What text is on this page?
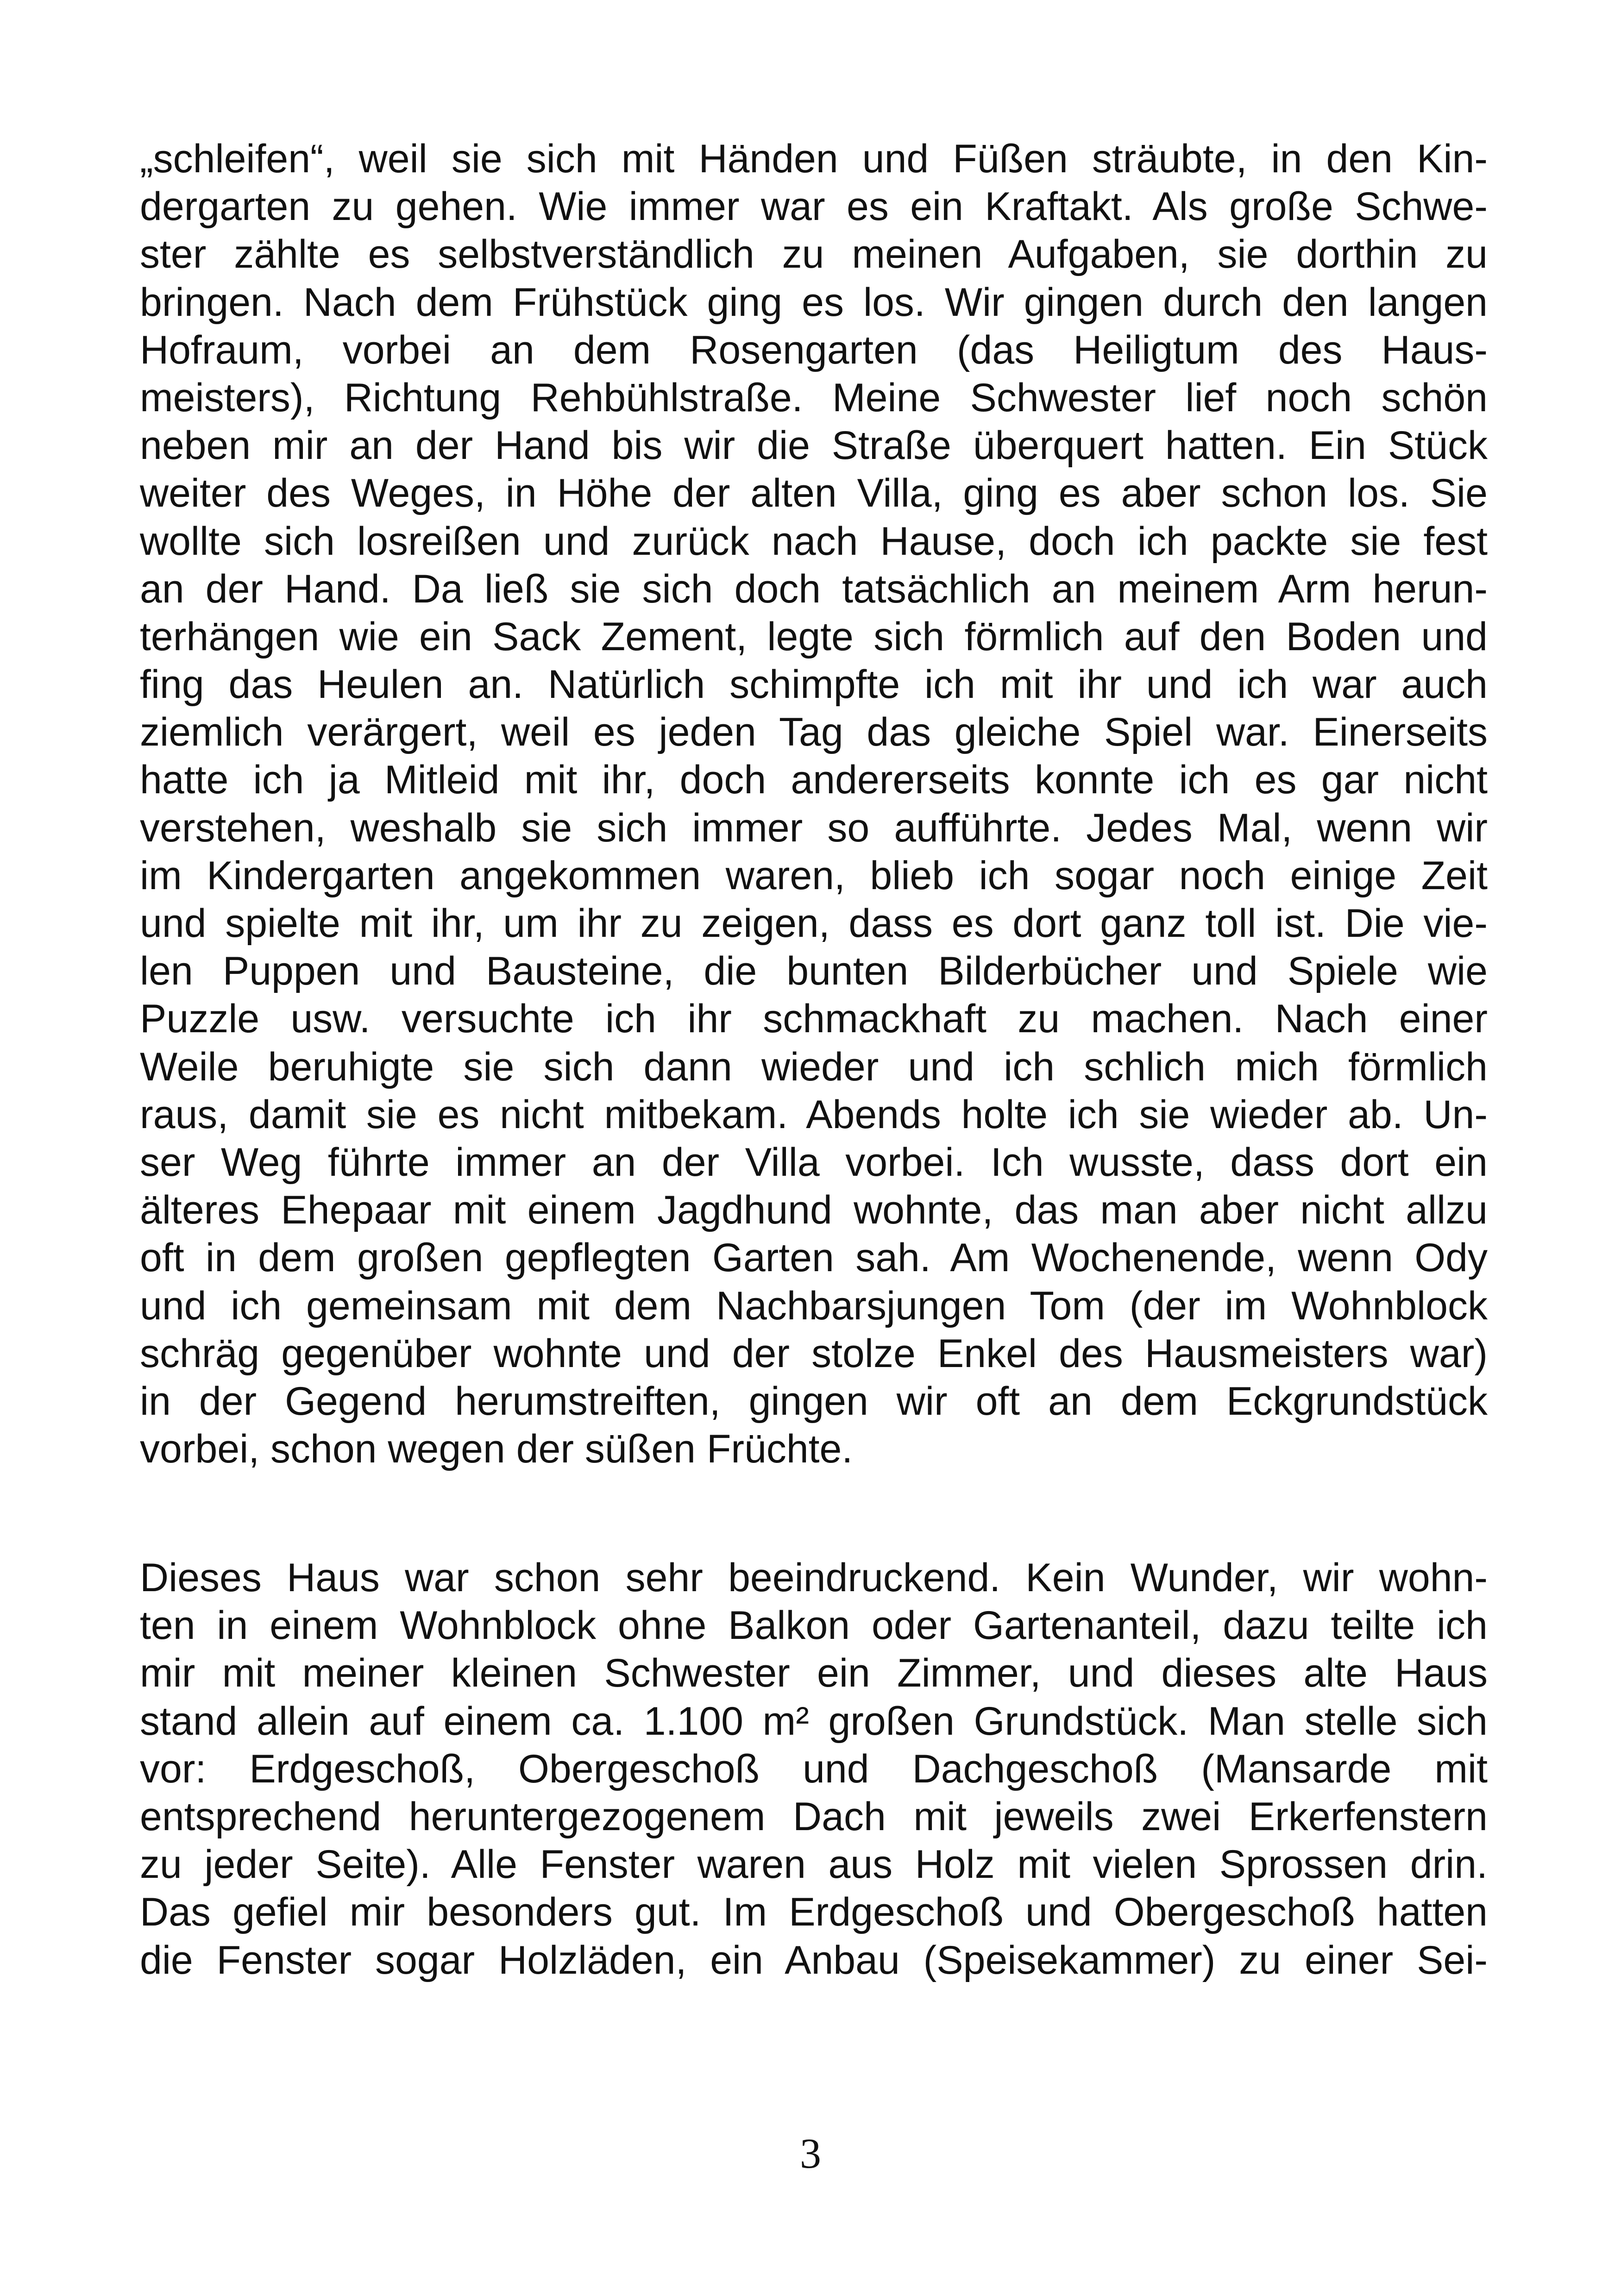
„schleifen“, weil sie sich mit Händen und Füßen sträubte, in den Kin-
dergarten zu gehen. Wie immer war es ein Kraftakt. Als große Schwe-
ster zählte es selbstverständlich zu meinen Aufgaben, sie dorthin zu
bringen. Nach dem Frühstück ging es los. Wir gingen durch den langen
Hofraum, vorbei an dem Rosengarten (das Heiligtum des Haus-
meisters), Richtung Rehbühlstraße. Meine Schwester lief noch schön
neben mir an der Hand bis wir die Straße überquert hatten. Ein Stück
weiter des Weges, in Höhe der alten Villa, ging es aber schon los. Sie
wollte sich losreißen und zurück nach Hause, doch ich packte sie fest
an der Hand. Da ließ sie sich doch tatsächlich an meinem Arm herun-
terhängen wie ein Sack Zement, legte sich förmlich auf den Boden und
fing das Heulen an. Natürlich schimpfte ich mit ihr und ich war auch
ziemlich verärgert, weil es jeden Tag das gleiche Spiel war. Einerseits
hatte ich ja Mitleid mit ihr, doch andererseits konnte ich es gar nicht
verstehen, weshalb sie sich immer so aufführte. Jedes Mal, wenn wir
im Kindergarten angekommen waren, blieb ich sogar noch einige Zeit
und spielte mit ihr, um ihr zu zeigen, dass es dort ganz toll ist. Die vie-
len Puppen und Bausteine, die bunten Bilderbücher und Spiele wie
Puzzle usw. versuchte ich ihr schmackhaft zu machen. Nach einer
Weile beruhigte sie sich dann wieder und ich schlich mich förmlich
raus, damit sie es nicht mitbekam. Abends holte ich sie wieder ab. Un-
ser Weg führte immer an der Villa vorbei. Ich wusste, dass dort ein
älteres Ehepaar mit einem Jagdhund wohnte, das man aber nicht allzu
oft in dem großen gepflegten Garten sah. Am Wochenende, wenn Ody
und ich gemeinsam mit dem Nachbarsjungen Tom (der im Wohnblock
schräg gegenüber wohnte und der stolze Enkel des Hausmeisters war)
in der Gegend herumstreiften, gingen wir oft an dem Eckgrundstück
vorbei, schon wegen der süßen Früchte.
Dieses Haus war schon sehr beeindruckend. Kein Wunder, wir wohn-
ten in einem Wohnblock ohne Balkon oder Gartenanteil, dazu teilte ich
mir mit meiner kleinen Schwester ein Zimmer, und dieses alte Haus
stand allein auf einem ca. 1.100 m² großen Grundstück. Man stelle sich
vor: Erdgeschoß, Obergeschoß und Dachgeschoß (Mansarde mit
entsprechend heruntergezogenem Dach mit jeweils zwei Erkerfenstern
zu jeder Seite). Alle Fenster waren aus Holz mit vielen Sprossen drin.
Das gefiel mir besonders gut. Im Erdgeschoß und Obergeschoß hatten
die Fenster sogar Holzläden, ein Anbau (Speisekammer) zu einer Sei-
3
